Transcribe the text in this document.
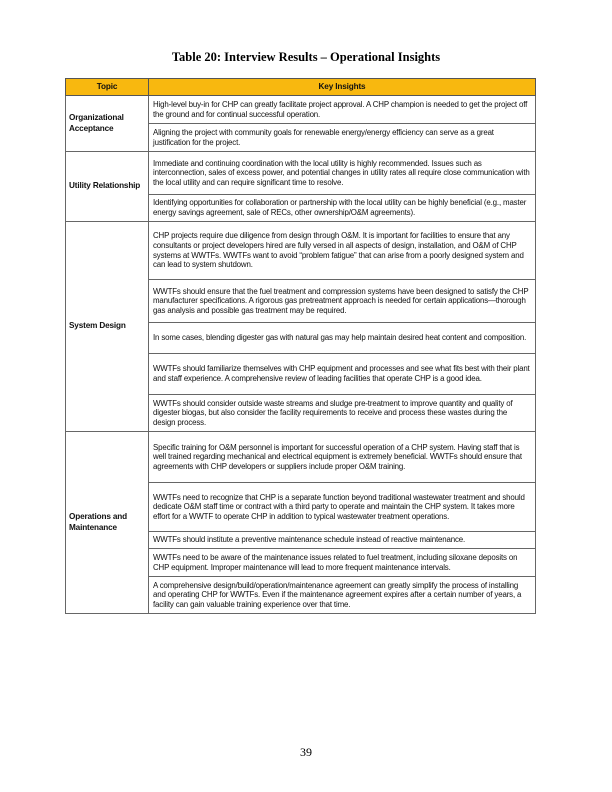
Table 20: Interview Results – Operational Insights
Topic	Key Insights
Organizational Acceptance	High-level buy-in for CHP can greatly facilitate project approval. A CHP champion is needed to get the project off the ground and for continual successful operation.
	Aligning the project with community goals for renewable energy/energy efficiency can serve as a great justification for the project.
Utility Relationship	Immediate and continuing coordination with the local utility is highly recommended. Issues such as interconnection, sales of excess power, and potential changes in utility rates all require close communication with the local utility and can require significant time to resolve.
	Identifying opportunities for collaboration or partnership with the local utility can be highly beneficial (e.g., master energy savings agreement, sale of RECs, other ownership/O&M agreements).
System Design	CHP projects require due diligence from design through O&M. It is important for facilities to ensure that any consultants or project developers hired are fully versed in all aspects of design, installation, and O&M of CHP systems at WWTFs. WWTFs want to avoid “problem fatigue” that can arise from a poorly designed system and can lead to system shutdown.
	WWTFs should ensure that the fuel treatment and compression systems have been designed to satisfy the CHP manufacturer specifications. A rigorous gas pretreatment approach is needed for certain applications—thorough gas analysis and possible gas treatment may be required.
	In some cases, blending digester gas with natural gas may help maintain desired heat content and composition.
	WWTFs should familiarize themselves with CHP equipment and processes and see what fits best with their plant and staff experience. A comprehensive review of leading facilities that operate CHP is a good idea.
	WWTFs should consider outside waste streams and sludge pre-treatment to improve quantity and quality of digester biogas, but also consider the facility requirements to receive and process these wastes during the design process.
Operations and Maintenance	Specific training for O&M personnel is important for successful operation of a CHP system. Having staff that is well trained regarding mechanical and electrical equipment is extremely beneficial. WWTFs should ensure that agreements with CHP developers or suppliers include proper O&M training.
	WWTFs need to recognize that CHP is a separate function beyond traditional wastewater treatment and should dedicate O&M staff time or contract with a third party to operate and maintain the CHP system. It takes more effort for a WWTF to operate CHP in addition to typical wastewater treatment operations.
	WWTFs should institute a preventive maintenance schedule instead of reactive maintenance.
	WWTFs need to be aware of the maintenance issues related to fuel treatment, including siloxane deposits on CHP equipment. Improper maintenance will lead to more frequent maintenance intervals.
	A comprehensive design/build/operation/maintenance agreement can greatly simplify the process of installing and operating CHP for WWTFs. Even if the maintenance agreement expires after a certain number of years, a facility can gain valuable training experience over that time.
39
